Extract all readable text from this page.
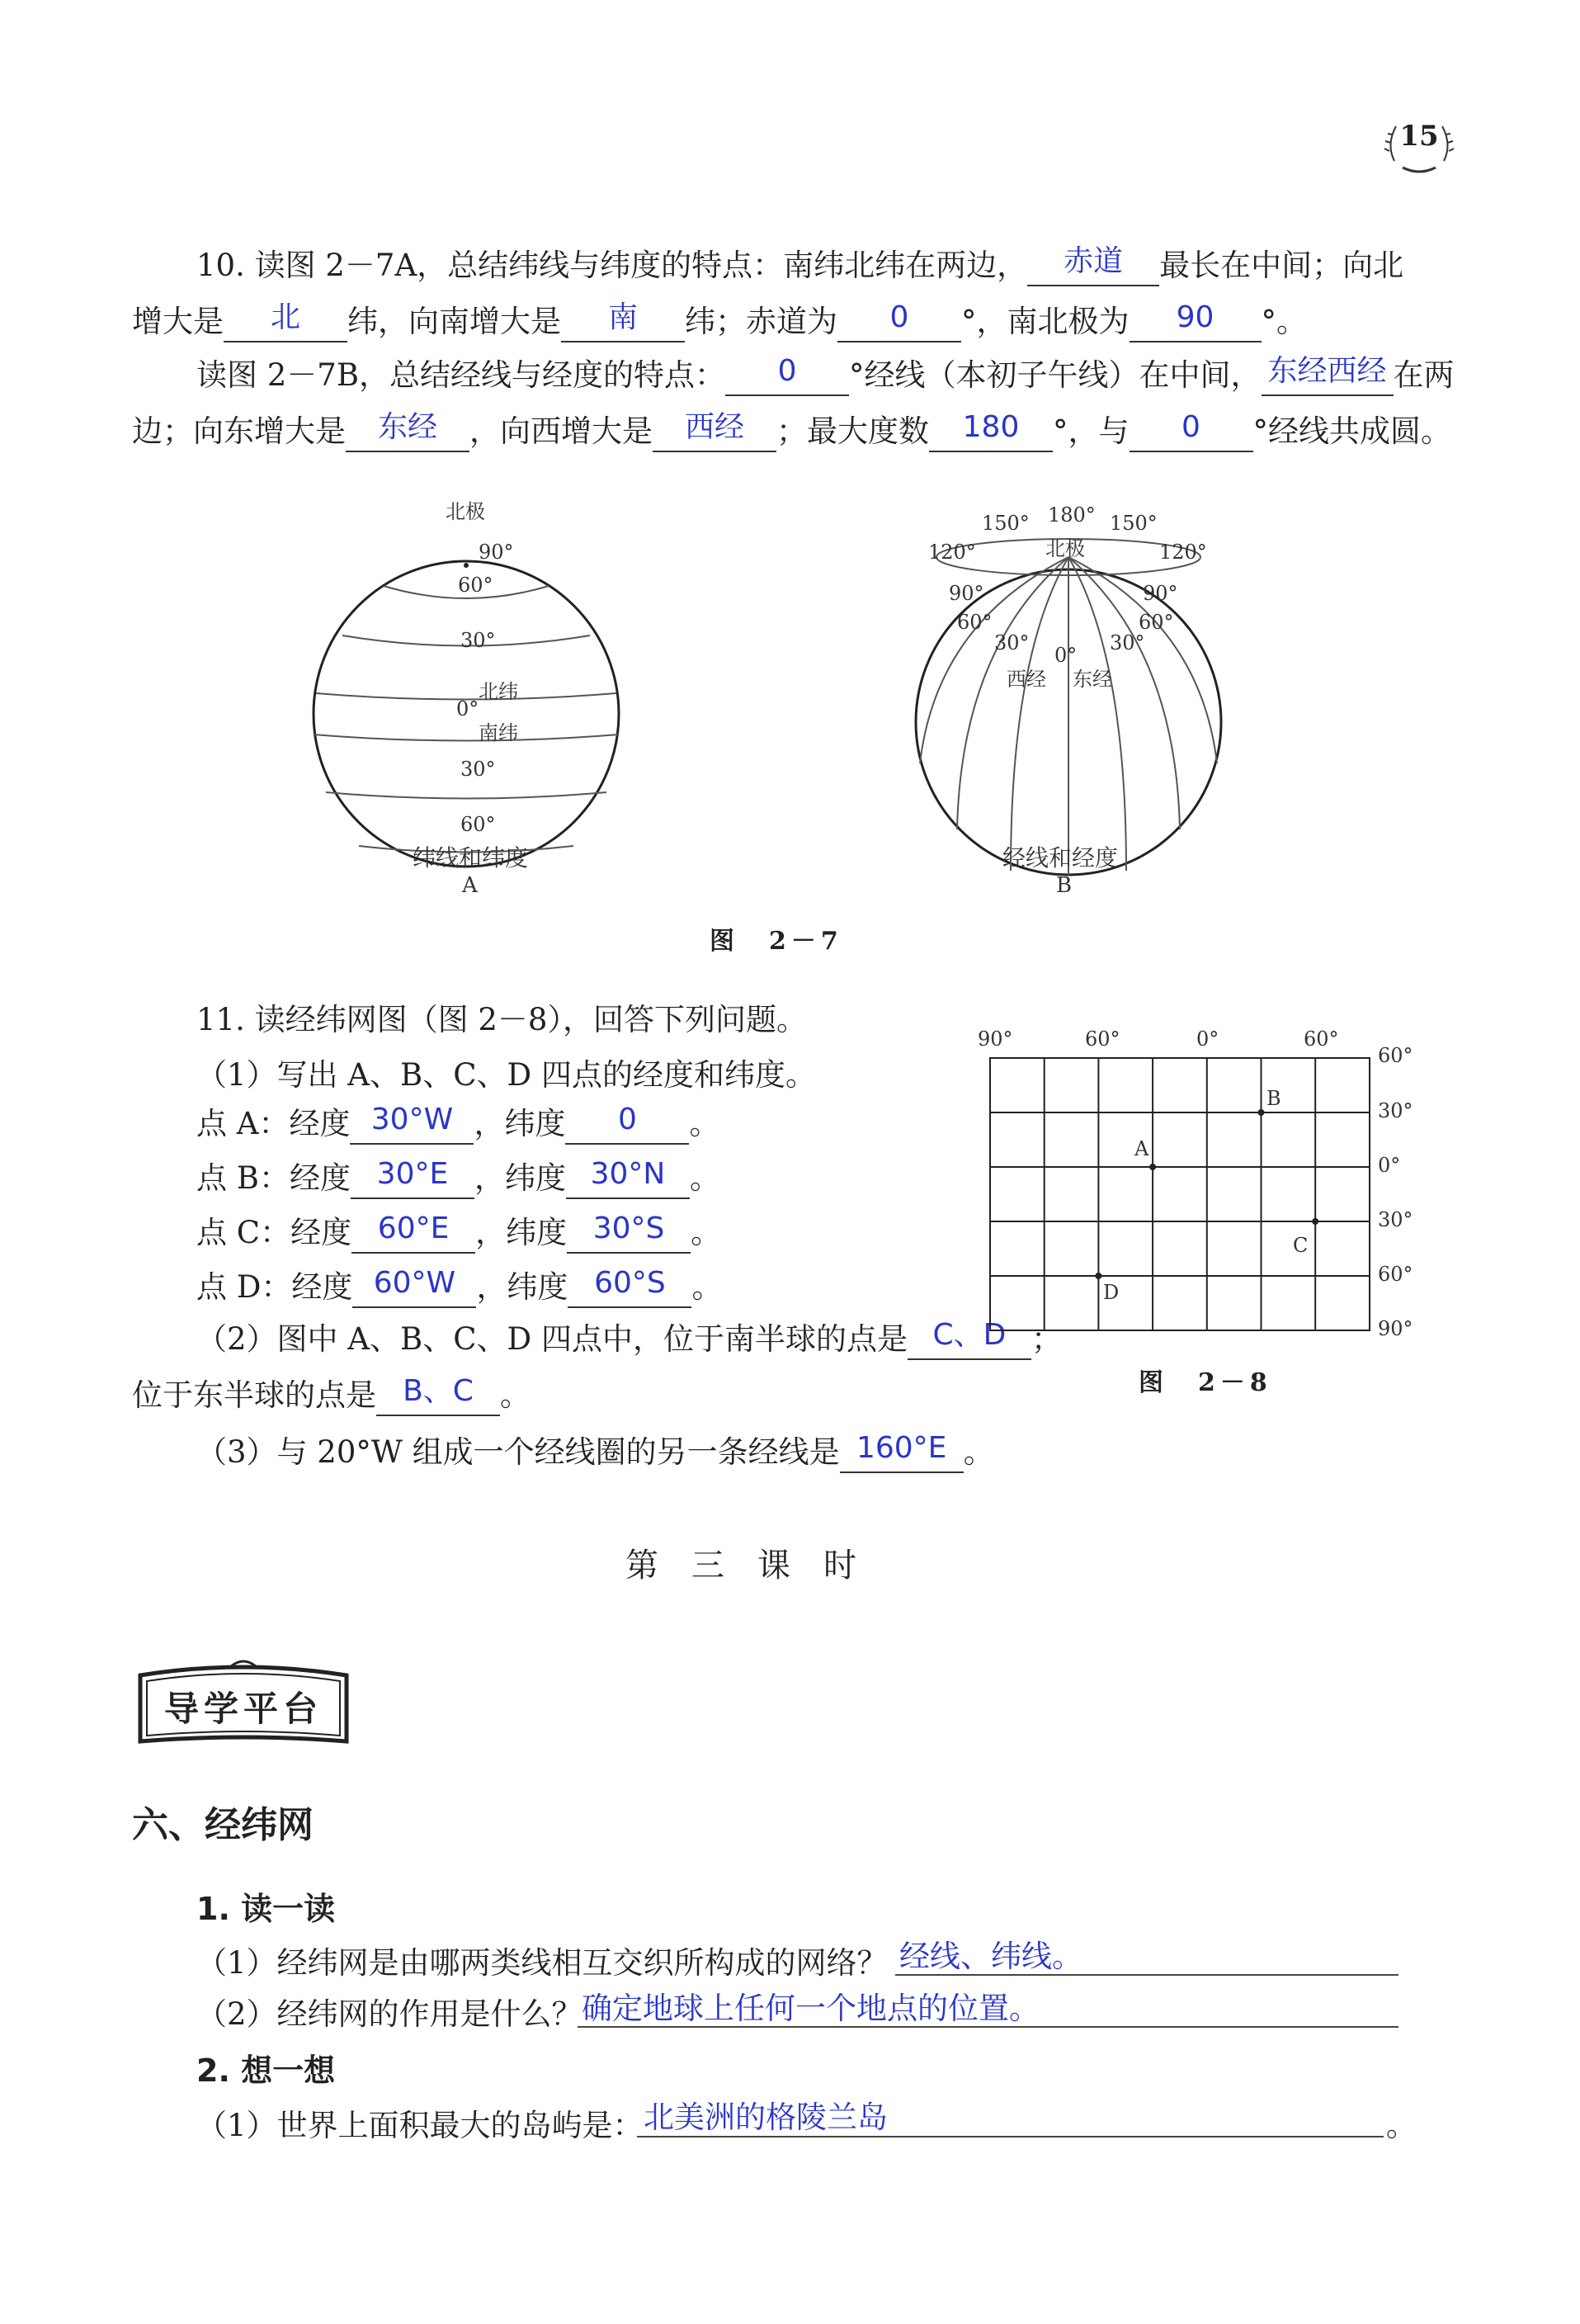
15
10. 读图 2－7A，总结纬线与纬度的特点：南纬北纬在两边，	赤道	最长在中间；向北
增大是	北	纬，向南增大是	南	纬；赤道为	0	°，南北极为	90	°。
读图 2－7B，总结经线与经度的特点：	0	°经线（本初子午线）在中间， 东经西经 在两
边；向东增大是	东经	，向西增大是	西经	；最大度数	180	°，与	0	°经线共成圆。
北极
90°
60°
30°
北纬
0°
南纬
30°
60°
纬线和纬度
A
150° 180° 150°
120°	北极	120°
90°	90°
60°	60°
30°	30°
0°
西经 东经
经线和经度
B
图　2－7
11. 读经纬网图（图 2－8），回答下列问题。
（1）写出 A、B、C、D 四点的经度和纬度。
点 A：经度 30°W ，纬度	0	。
点 B：经度 30°E ，纬度 30°N 。
点 C：经度 60°E ，纬度 30°S 。
点 D：经度 60°W ，纬度 60°S 。
（2）图中 A、B、C、D 四点中，位于南半球的点是 C、D ；
位于东半球的点是 B、C 。
（3）与 20°W 组成一个经线圈的另一条经线是 160°E 。
90°	60°	0°	60°
60°
30°
0°
30°
60°
90°
A
B
C
D
图　2－8
第三课时
导学平台
六、经纬网
1. 读一读
（1）经纬网是由哪两类线相互交织所构成的网络？ 经线、纬线。
（2）经纬网的作用是什么？ 确定地球上任何一个地点的位置。
2. 想一想
（1）世界上面积最大的岛屿是： 北美洲的格陵兰岛	。
